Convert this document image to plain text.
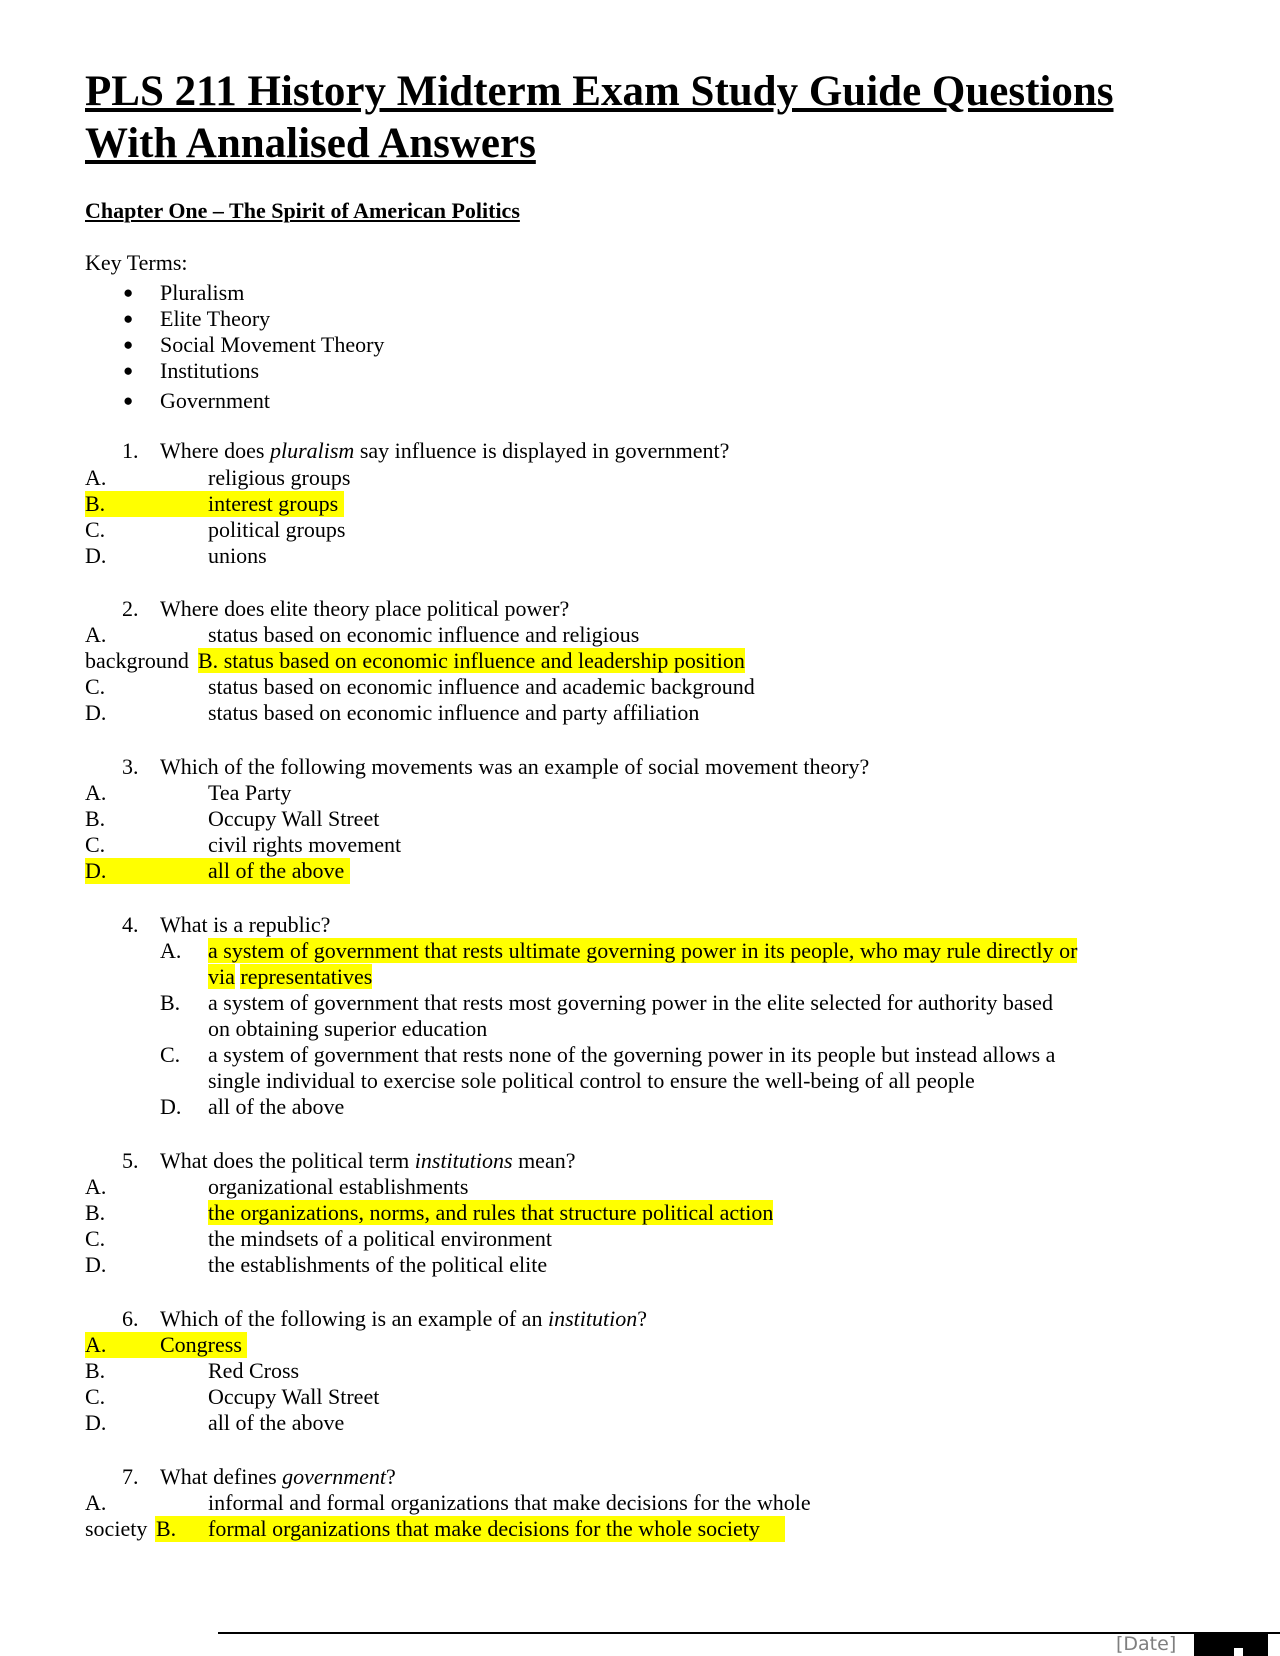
PLS 211 History Midterm Exam Study Guide Questions With Annalised Answers
Chapter One – The Spirit of American Politics
Key Terms:
● Pluralism
● Elite Theory
● Social Movement Theory
● Institutions
● Government
1. Where does pluralism say influence is displayed in government?
A.	religious groups
B.	interest groups
C.	political groups
D.	unions
2. Where does elite theory place political power?
A.	status based on economic influence and religious
background B. status based on economic influence and leadership position
C.	status based on economic influence and academic background
D.	status based on economic influence and party affiliation
3. Which of the following movements was an example of social movement theory?
A.	Tea Party
B.	Occupy Wall Street
C.	civil rights movement
D.	all of the above
4. What is a republic?
A. a system of government that rests ultimate governing power in its people, who may rule directly or
via representatives
B. a system of government that rests most governing power in the elite selected for authority based
on obtaining superior education
C. a system of government that rests none of the governing power in its people but instead allows a
single individual to exercise sole political control to ensure the well-being of all people
D. all of the above
5. What does the political term institutions mean?
A.	organizational establishments
B.	the organizations, norms, and rules that structure political action
C.	the mindsets of a political environment
D.	the establishments of the political elite
6. Which of the following is an example of an institution?
A. Congress
B.	Red Cross
C.	Occupy Wall Street
D.	all of the above
7. What defines government?
A.	informal and formal organizations that make decisions for the whole
society B. formal organizations that make decisions for the whole society
[Date]
